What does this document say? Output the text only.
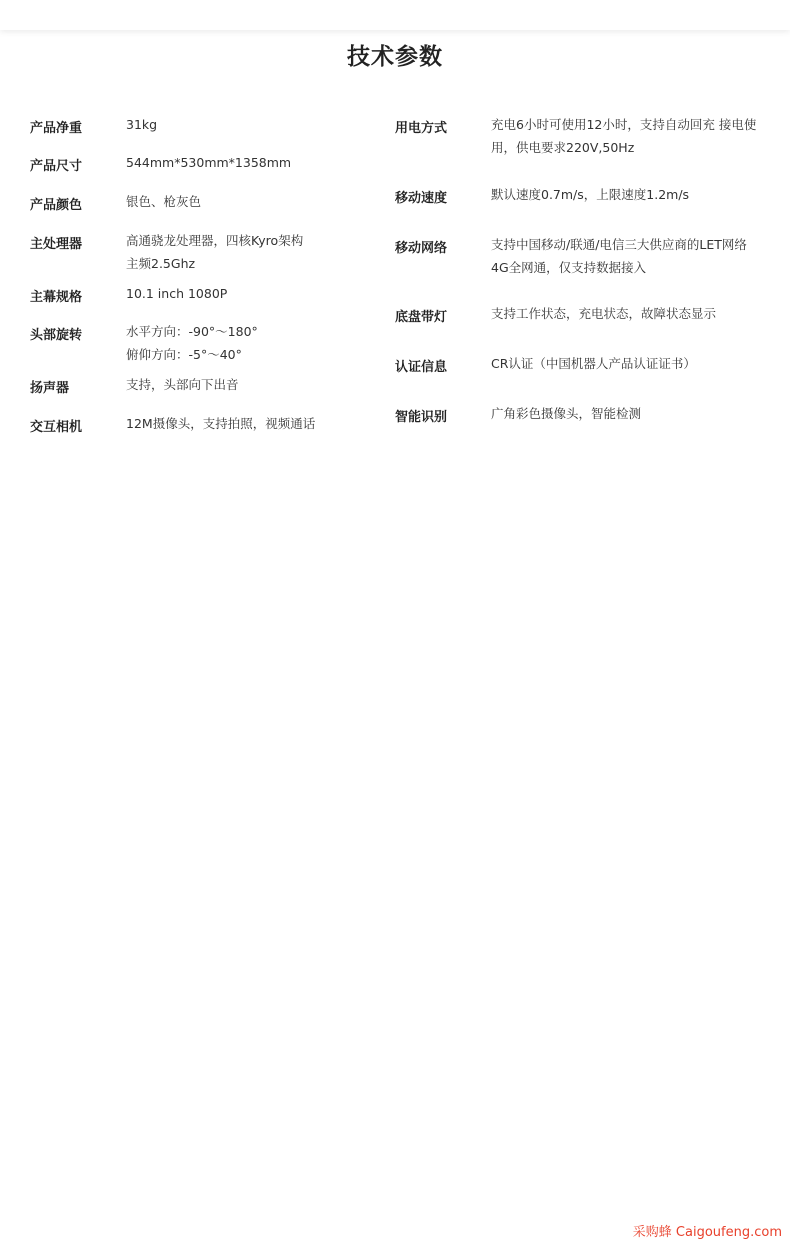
技术参数
产品净重	31kg
产品尺寸	544mm*530mm*1358mm
产品颜色	银色、枪灰色
主处理器	高通骁龙处理器，四核Kyro架构
主频2.5Ghz
主幕规格	10.1 inch 1080P
头部旋转	水平方向：-90°～180°
俯仰方向：-5°～40°
扬声器	支持，头部向下出音
交互相机	12M摄像头，支持拍照，视频通话
用电方式	充电6小时可使用12小时，支持自动回充 接电使
用，供电要求220V,50Hz
移动速度	默认速度0.7m/s，上限速度1.2m/s
移动网络	支持中国移动/联通/电信三大供应商的LET网络
4G全网通，仅支持数据接入
底盘带灯	支持工作状态，充电状态，故障状态显示
认证信息	CR认证（中国机器人产品认证证书）
智能识别	广角彩色摄像头，智能检测
采购蜂 Caigoufeng.com
